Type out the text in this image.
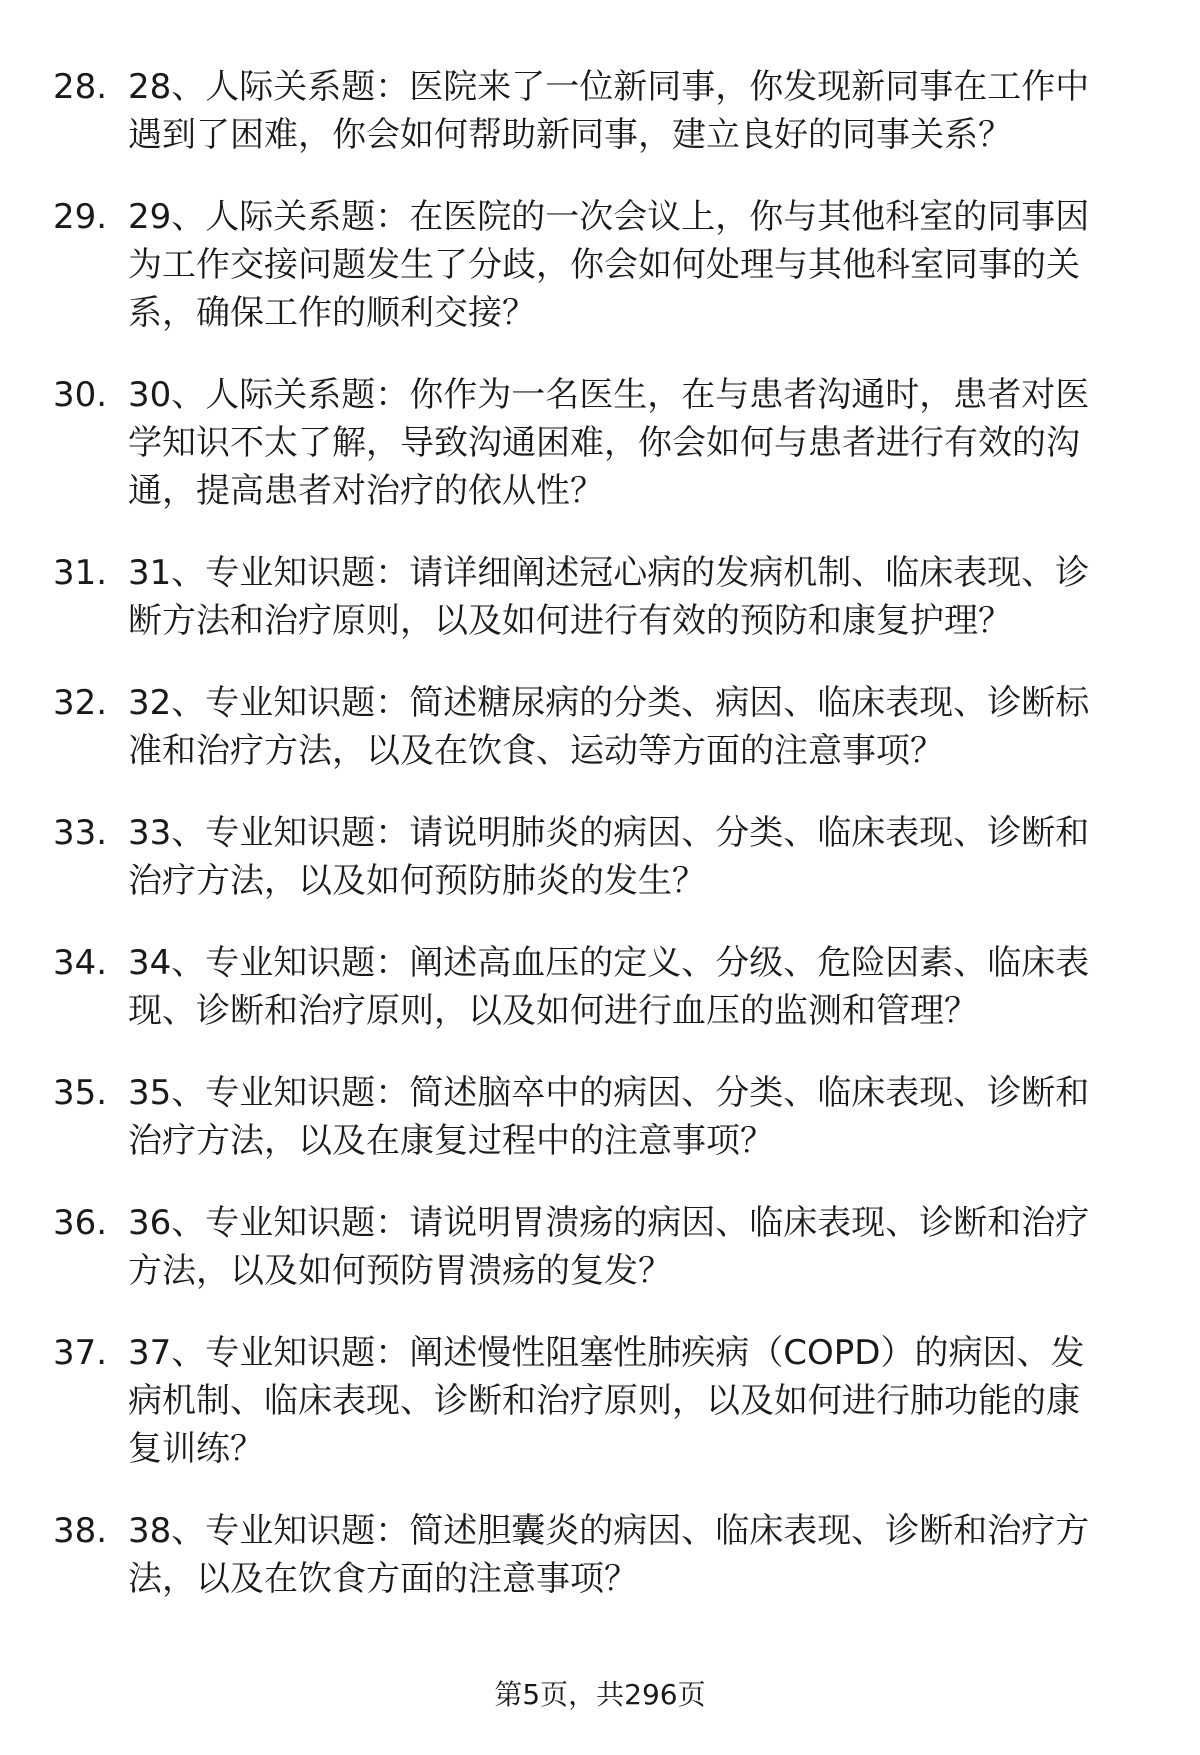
28. 28、人际关系题：医院来了一位新同事，你发现新同事在工作中
遇到了困难，你会如何帮助新同事，建立良好的同事关系？
29. 29、人际关系题：在医院的一次会议上，你与其他科室的同事因
为工作交接问题发生了分歧，你会如何处理与其他科室同事的关
系，确保工作的顺利交接？
30. 30、人际关系题：你作为一名医生，在与患者沟通时，患者对医
学知识不太了解，导致沟通困难，你会如何与患者进行有效的沟
通，提高患者对治疗的依从性？
31. 31、专业知识题：请详细阐述冠心病的发病机制、临床表现、诊
断方法和治疗原则，以及如何进行有效的预防和康复护理？
32. 32、专业知识题：简述糖尿病的分类、病因、临床表现、诊断标
准和治疗方法，以及在饮食、运动等方面的注意事项？
33. 33、专业知识题：请说明肺炎的病因、分类、临床表现、诊断和
治疗方法，以及如何预防肺炎的发生？
34. 34、专业知识题：阐述高血压的定义、分级、危险因素、临床表
现、诊断和治疗原则，以及如何进行血压的监测和管理？
35. 35、专业知识题：简述脑卒中的病因、分类、临床表现、诊断和
治疗方法，以及在康复过程中的注意事项？
36. 36、专业知识题：请说明胃溃疡的病因、临床表现、诊断和治疗
方法，以及如何预防胃溃疡的复发？
37. 37、专业知识题：阐述慢性阻塞性肺疾病（COPD）的病因、发
病机制、临床表现、诊断和治疗原则，以及如何进行肺功能的康
复训练？
38. 38、专业知识题：简述胆囊炎的病因、临床表现、诊断和治疗方
法，以及在饮食方面的注意事项？
第5页，共296页
